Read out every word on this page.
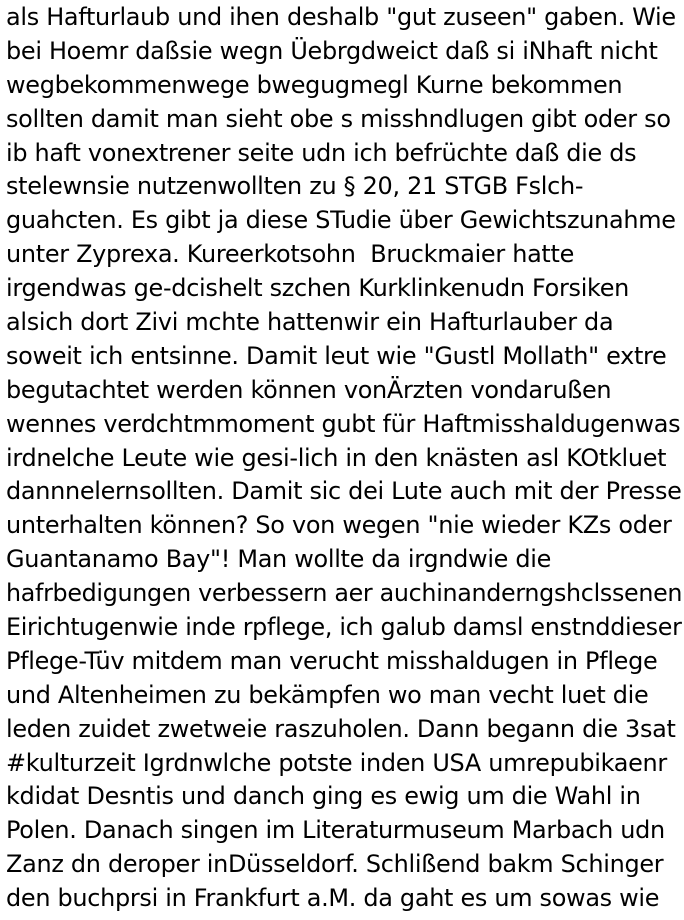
als Hafturlaub und ihen deshalb "gut zuseen" gaben. Wie
bei Hoemr daßsie wegn Üebrgdweict daß si iNhaft nicht
wegbekommenwege bwegugmegl Kurne bekommen
sollten damit man sieht obe s misshndlugen gibt oder so
ib haft vonextrener seite udn ich befrüchte daß die ds
stelewnsie nutzenwollten zu § 20, 21 STGB Fslch-
guahcten. Es gibt ja diese STudie über Gewichtszunahme
unter Zyprexa. Kureerkotsohn  Bruckmaier hatte
irgendwas ge-dcishelt szchen Kurklinkenudn Forsiken
alsich dort Zivi mchte hattenwir ein Hafturlauber da
soweit ich entsinne. Damit leut wie "Gustl Mollath" extre
begutachtet werden können vonÄrzten vondarußen
wennes verdchtmmoment gubt für Haftmisshaldugenwas
irdnelche Leute wie gesi-lich in den knästen asl KOtkluet
dannnelernsollten. Damit sic dei Lute auch mit der Presse
unterhalten können? So von wegen "nie wieder KZs oder
Guantanamo Bay"! Man wollte da irgndwie die
hafrbedigungen verbessern aer auchinanderngshclssenen
Eirichtugenwie inde rpflege, ich galub damsl enstnddieser
Pflege-Tüv mitdem man verucht misshaldugen in Pflege
und Altenheimen zu bekämpfen wo man vecht luet die
leden zuidet zwetweie raszuholen. Dann begann die 3sat
#kulturzeit Igrdnwlche potste inden USA umrepubikaenr
kdidat Desntis und danch ging es ewig um die Wahl in
Polen. Danach singen im Literaturmuseum Marbach udn
Zanz dn deroper inDüsseldorf. Schlißend bakm Schinger
den buchprsi in Frankfurt a.M. da gaht es um sowas wie
